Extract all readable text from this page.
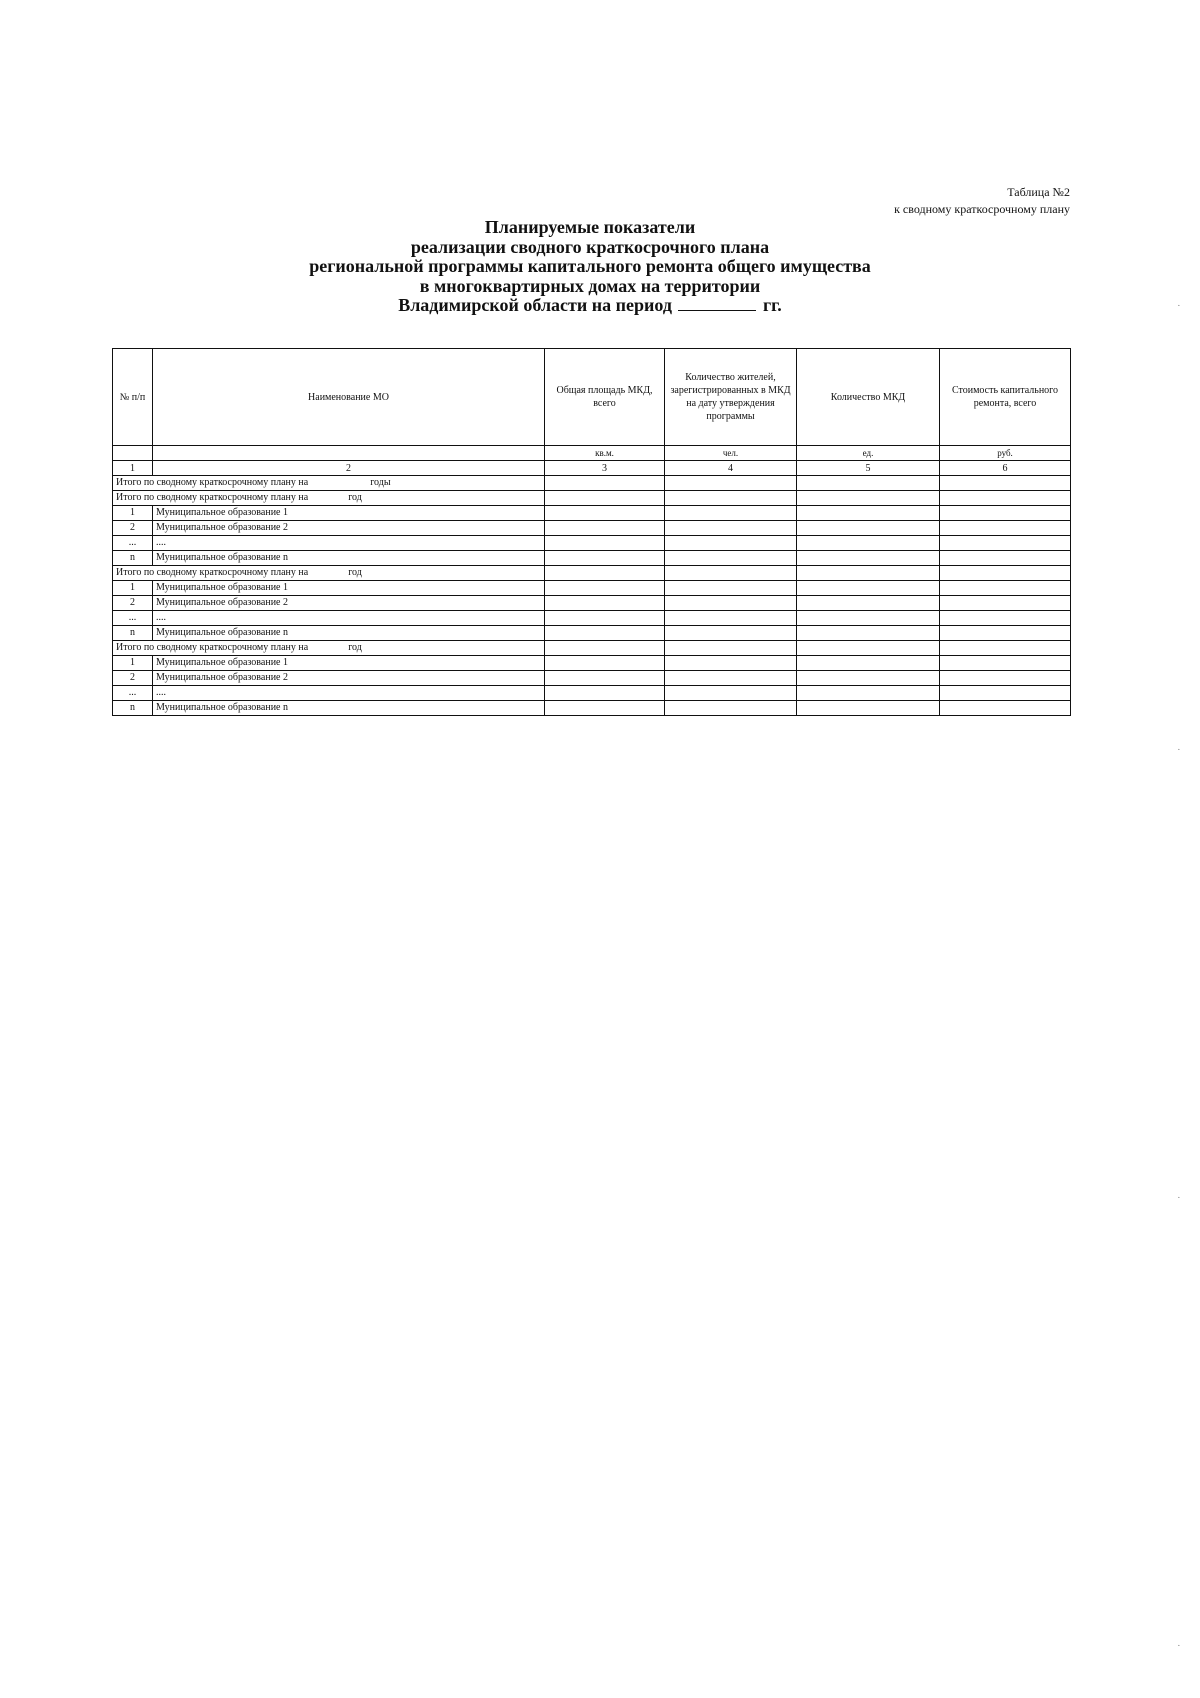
Таблица №2
к сводному краткосрочному плану
Планируемые показатели
реализации сводного краткосрочного плана
региональной программы капитального ремонта общего имущества
в многоквартирных домах на территории
Владимирской области на период	гг.
№ п/п	Наименование МО	Общая площадь МКД, всего	Количество жителей, зарегистрированных в МКД на дату утверждения программы	Количество МКД	Стоимость капитального ремонта, всего
		кв.м.	чел.	ед.	руб.
1	2	3	4	5	6
Итого по сводному краткосрочному плану на годы					
Итого по сводному краткосрочному плану на год					
1	Муниципальное образование 1				
2	Муниципальное образование 2				
...	....				
n	Муниципальное образование n				
Итого по сводному краткосрочному плану на год					
1	Муниципальное образование 1				
2	Муниципальное образование 2				
...	....				
n	Муниципальное образование n				
Итого по сводному краткосрочному плану на год					
1	Муниципальное образование 1				
2	Муниципальное образование 2				
...	....				
n	Муниципальное образование n				
.
.
.
.
